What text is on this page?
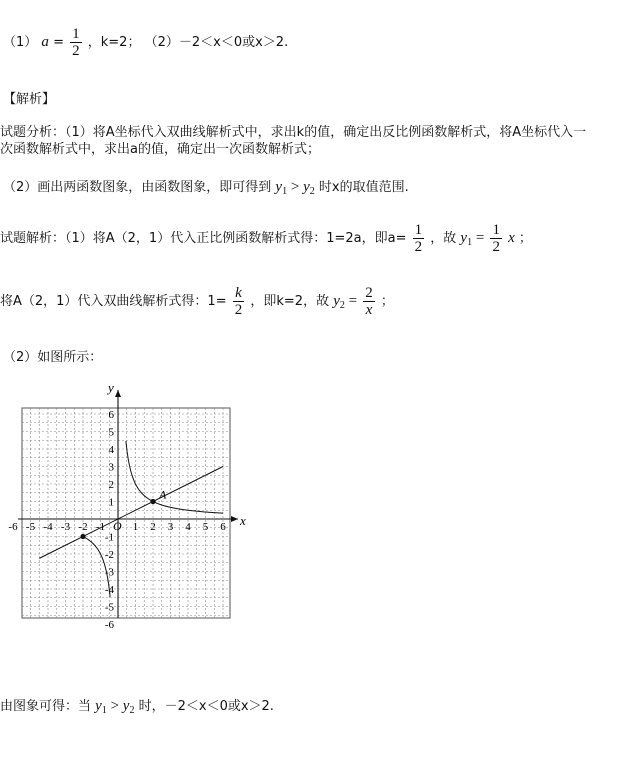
（1） $a = \frac{1}{2}$ ，k=2； （2）－2＜x＜0或x＞2.
【解析】
试题分析：（1）将A坐标代入双曲线解析式中，求出k的值，确定出反比例函数解析式，将A坐标代入一
次函数解析式中，求出a的值，确定出一次函数解析式；
（2）画出两函数图象，由函数图象，即可得到 $y_1 > y_2$ 时x的取值范围.
试题解析：（1）将A（2，1）代入正比例函数解析式得：1=2a，即$a= \frac{1}{2}$ ，故 $y_1 = \frac{1}{2}$ x ；
将A（2，1）代入双曲线解析式得：$1= \frac{k}{2}$ ，即k=2，故 $y_2 = \frac{2}{x}$ ；
（2）如图所示：
x
y
O
-6 -5 -4 -3 -2 -1	1 2 3 4 5 6
6
5
4
3
2
1
-1
-2
-3
-4
-5
-6
A
由图象可得：当 $y_1 > y_2$ 时，－2＜x＜0或x＞2.
